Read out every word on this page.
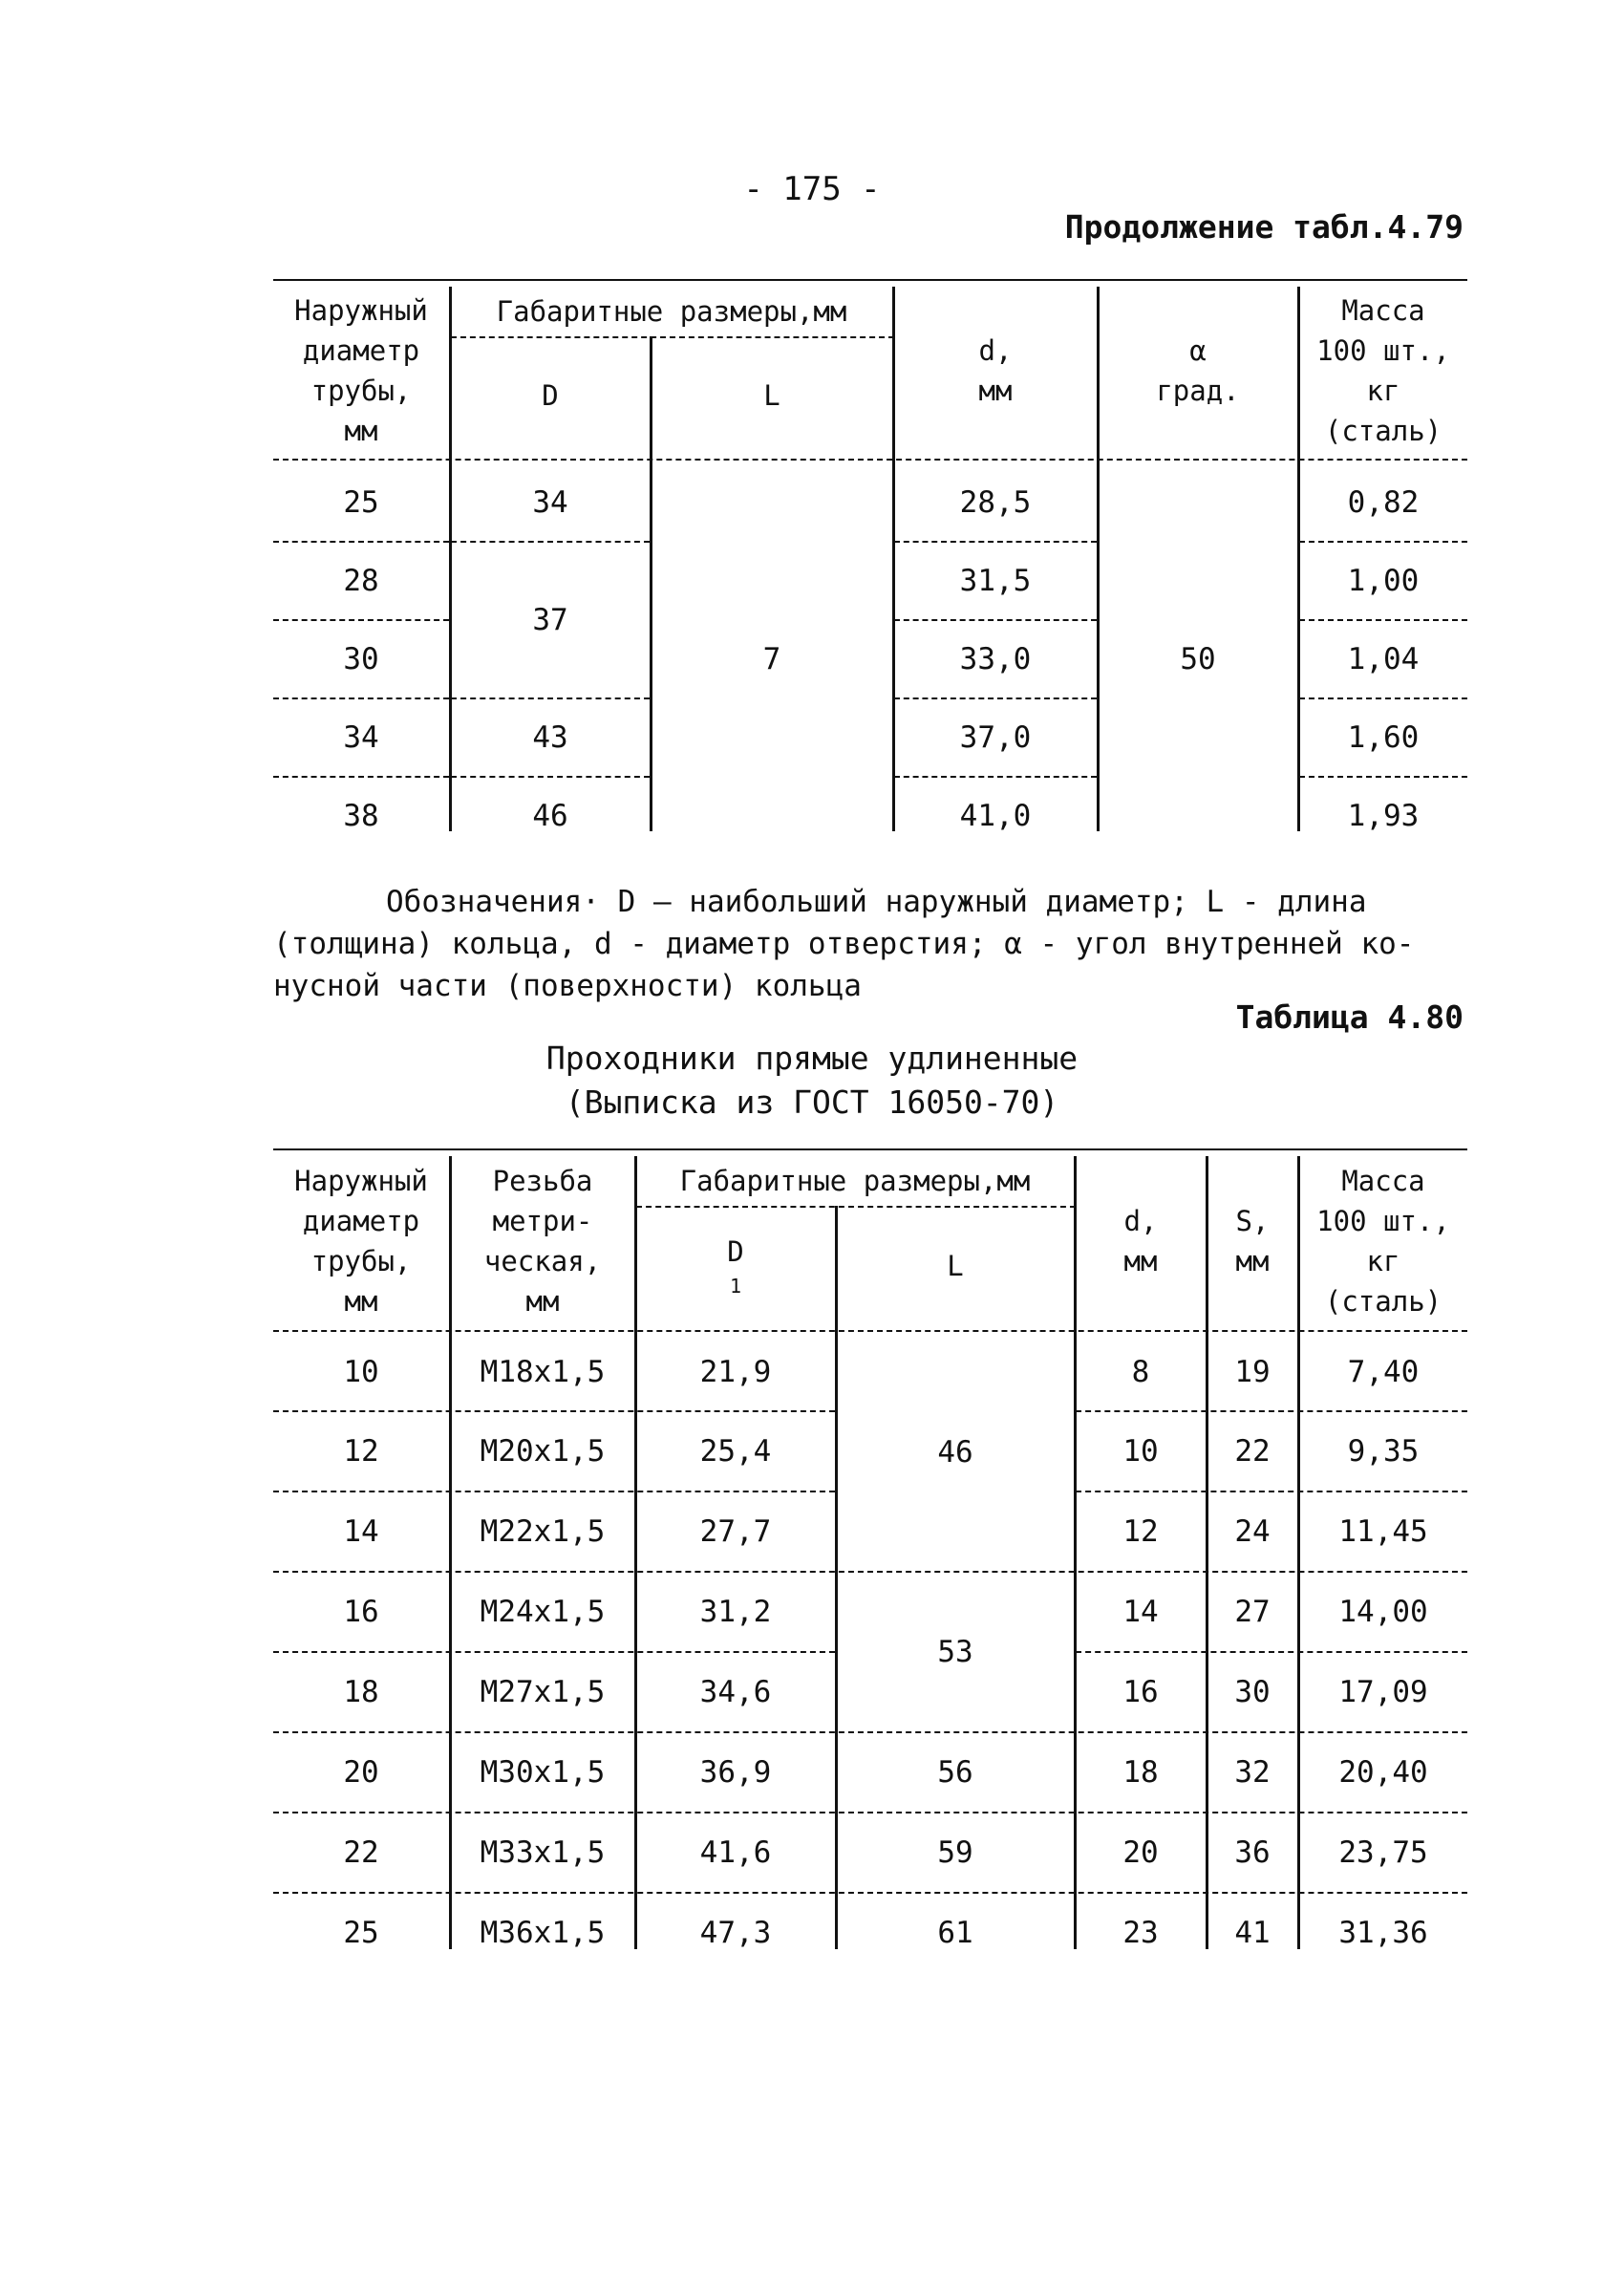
- 175 -
Продолжение табл.4.79
Наружный
диаметр
трубы,
мм
Габаритные размеры,мм
D	L
d,
мм
α
град.
Масса
100 шт.,
кг
(сталь)
25
28
30
34
38
34
37
43
46
7
28,5
31,5
33,0
37,0
41,0
50
0,82
1,00
1,04
1,60
1,93

Обозначения· D – наибольший наружный диаметр; L - длина

(толщина) кольца, d - диаметр отверстия; α - угол внутренней ко-
нусной части (поверхности) кольца
Таблица 4.80
Проходники прямые удлиненные
(Выписка из ГОСТ 16050-70)
Наружный
диаметр
трубы,
мм
Резьба
метри-
ческая,
мм
Габаритные размеры,мм
D
1
L
d,
мм
S,
мм
Масса
100 шт.,
кг
(сталь)
10
12
14
16
18
20
22
25
M18x1,5
M20x1,5
M22x1,5
M24x1,5
M27x1,5
M30x1,5
M33x1,5
M36x1,5
21,9
25,4
27,7
31,2
34,6
36,9
41,6
47,3
46
53
56
59
61
8
10
12
14
16
18
20
23
19
22
24
27
30
32
36
41
7,40
9,35
11,45
14,00
17,09
20,40
23,75
31,36
